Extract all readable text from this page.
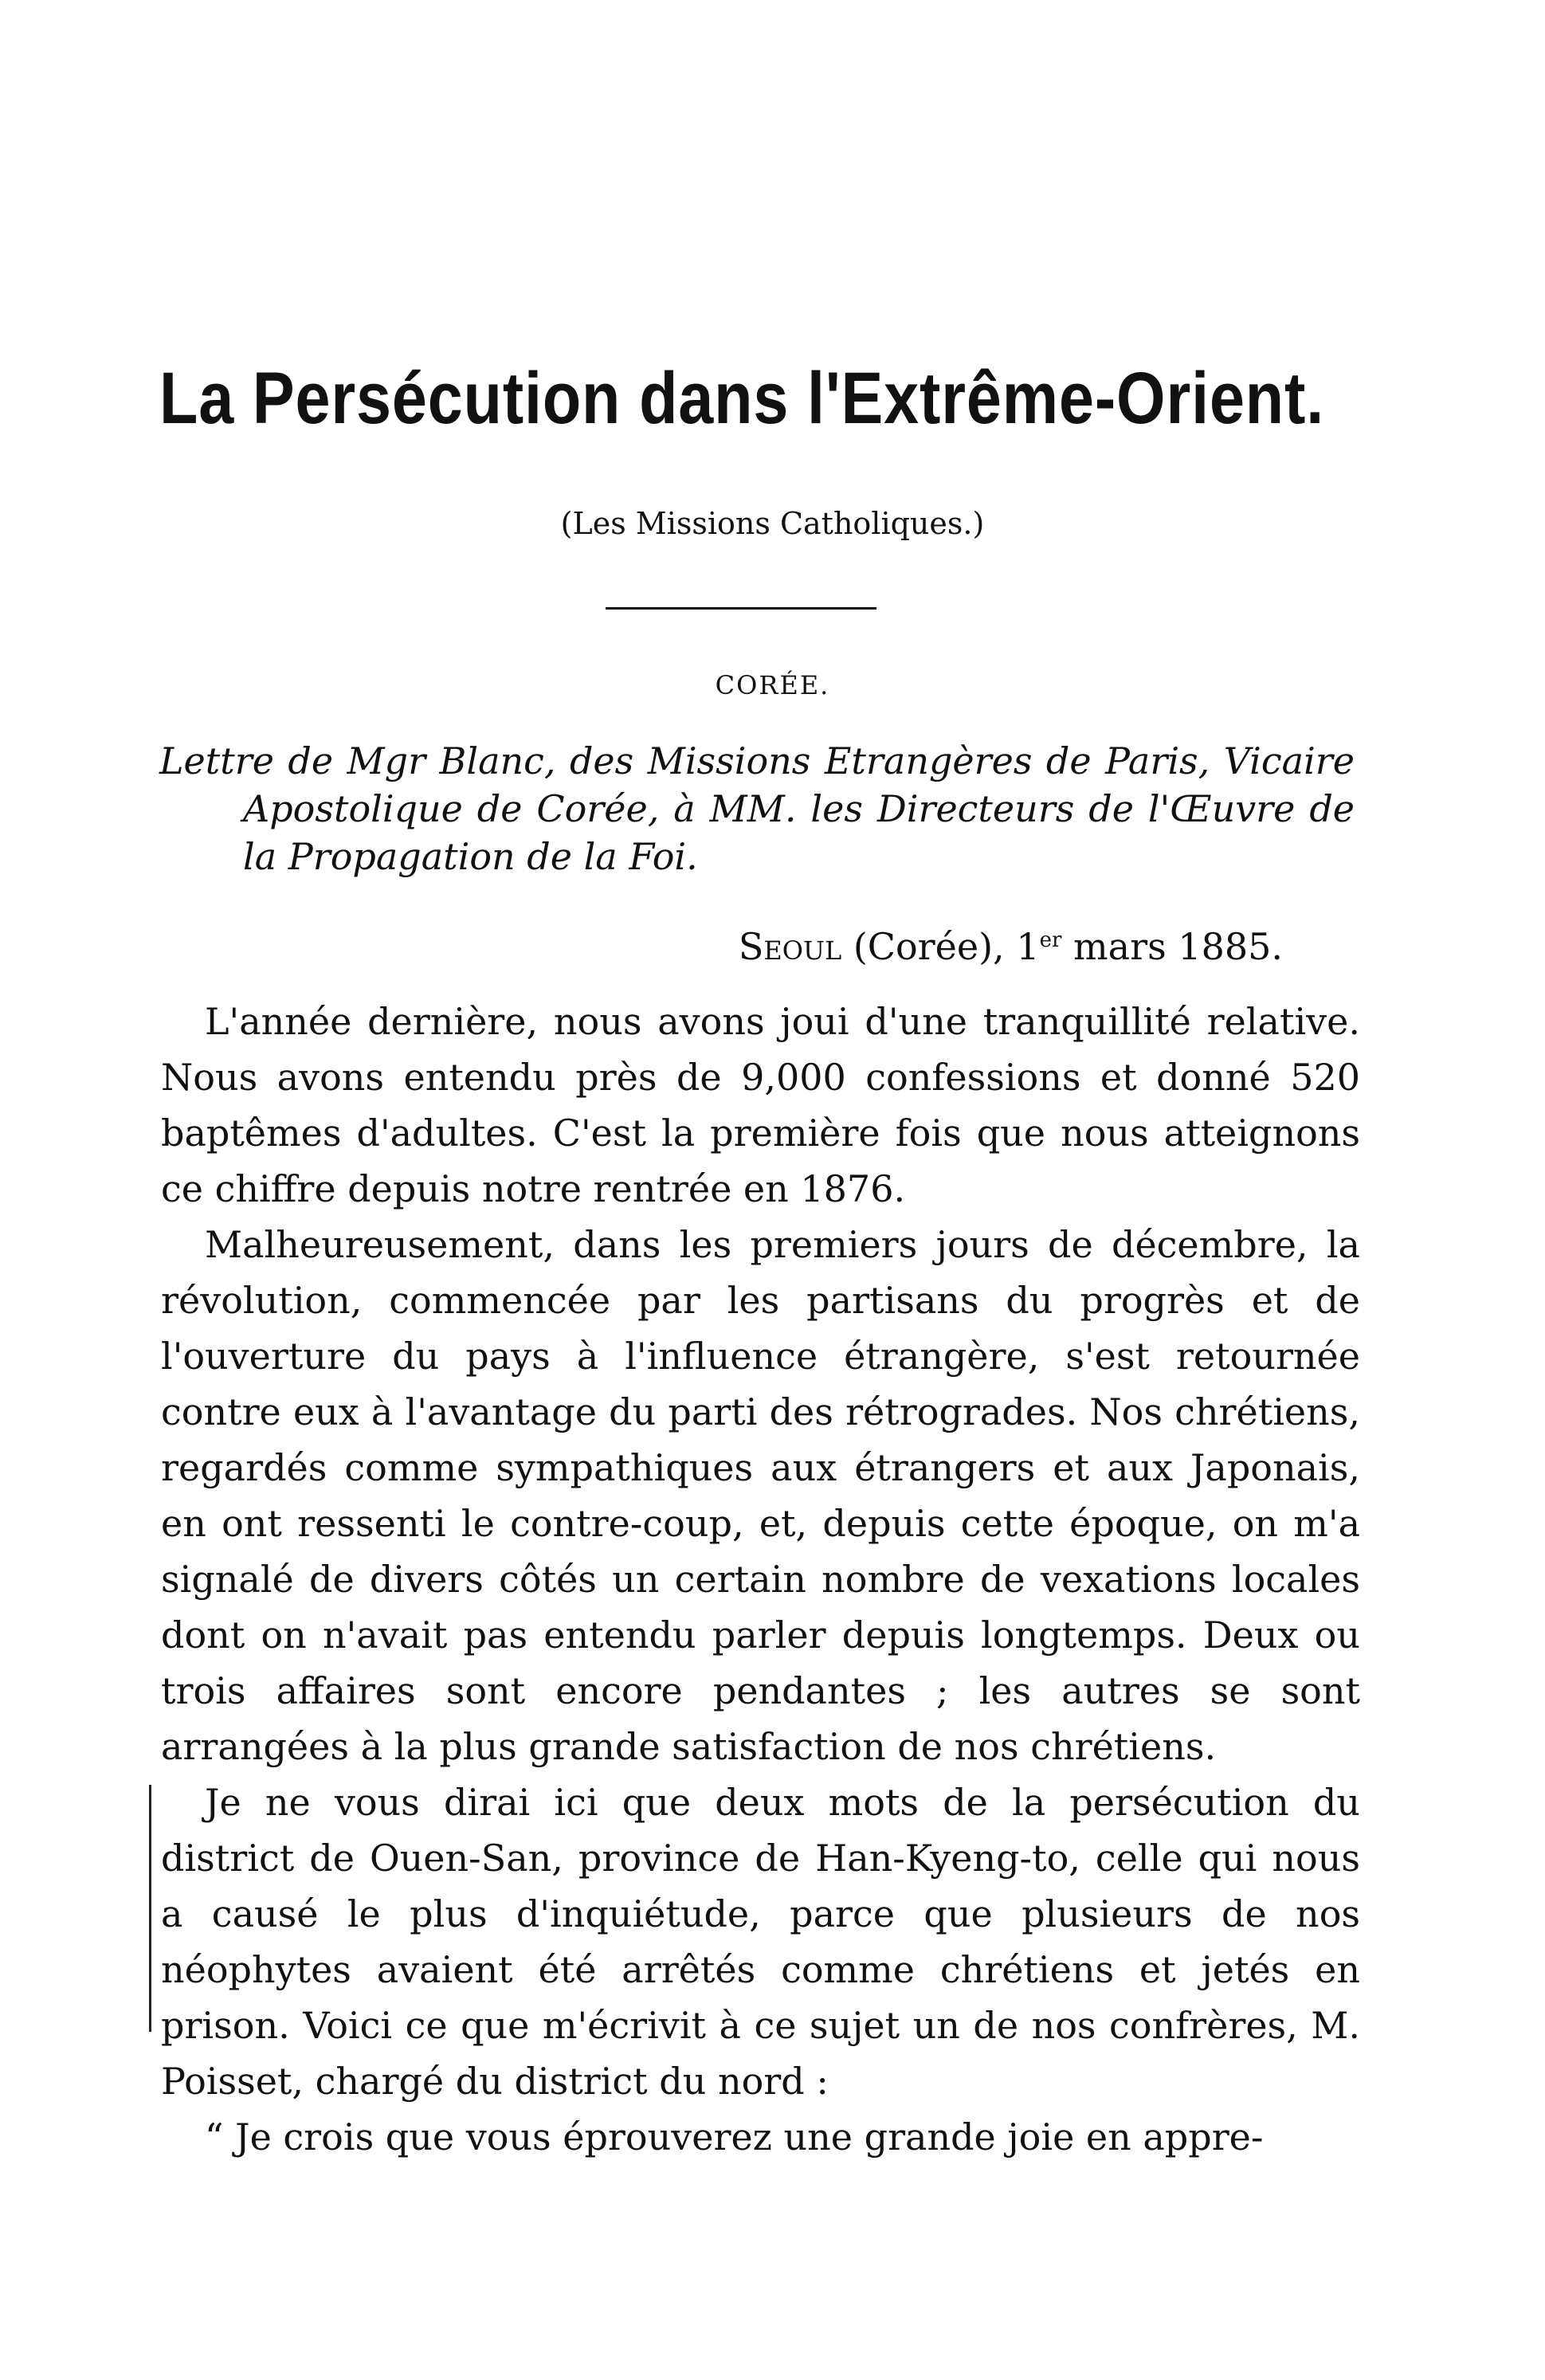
La Persécution dans l'Extrême-Orient.
(Les Missions Catholiques.)
CORÉE.
Lettre de Mgr Blanc, des Missions Etrangères de Paris, Vicaire Apostolique de Corée, à MM. les Directeurs de l'Œuvre de la Propagation de la Foi.
Seoul (Corée), 1er mars 1885.

L'année dernière, nous avons joui d'une tranquillité relative. Nous avons entendu près de 9,000 confessions et donné 520 baptêmes d'adultes. C'est la première fois que nous atteignons ce chiffre depuis notre rentrée en 1876.

Malheureusement, dans les premiers jours de décembre, la révolution, commencée par les partisans du progrès et de l'ouverture du pays à l'influence étrangère, s'est retournée contre eux à l'avantage du parti des rétrogrades. Nos chrétiens, regardés comme sympathiques aux étrangers et aux Japonais, en ont ressenti le contre-coup, et, depuis cette époque, on m'a signalé de divers côtés un certain nombre de vexations locales dont on n'avait pas entendu parler depuis longtemps. Deux ou trois affaires sont encore pendantes ; les autres se sont arrangées à la plus grande satisfaction de nos chrétiens.

Je ne vous dirai ici que deux mots de la persécution du district de Ouen-San, province de Han-Kyeng-to, celle qui nous a causé le plus d'inquiétude, parce que plusieurs de nos néophytes avaient été arrêtés comme chrétiens et jetés en prison. Voici ce que m'écrivit à ce sujet un de nos confrères, M. Poisset, chargé du district du nord :

“ Je crois que vous éprouverez une grande joie en appre-
